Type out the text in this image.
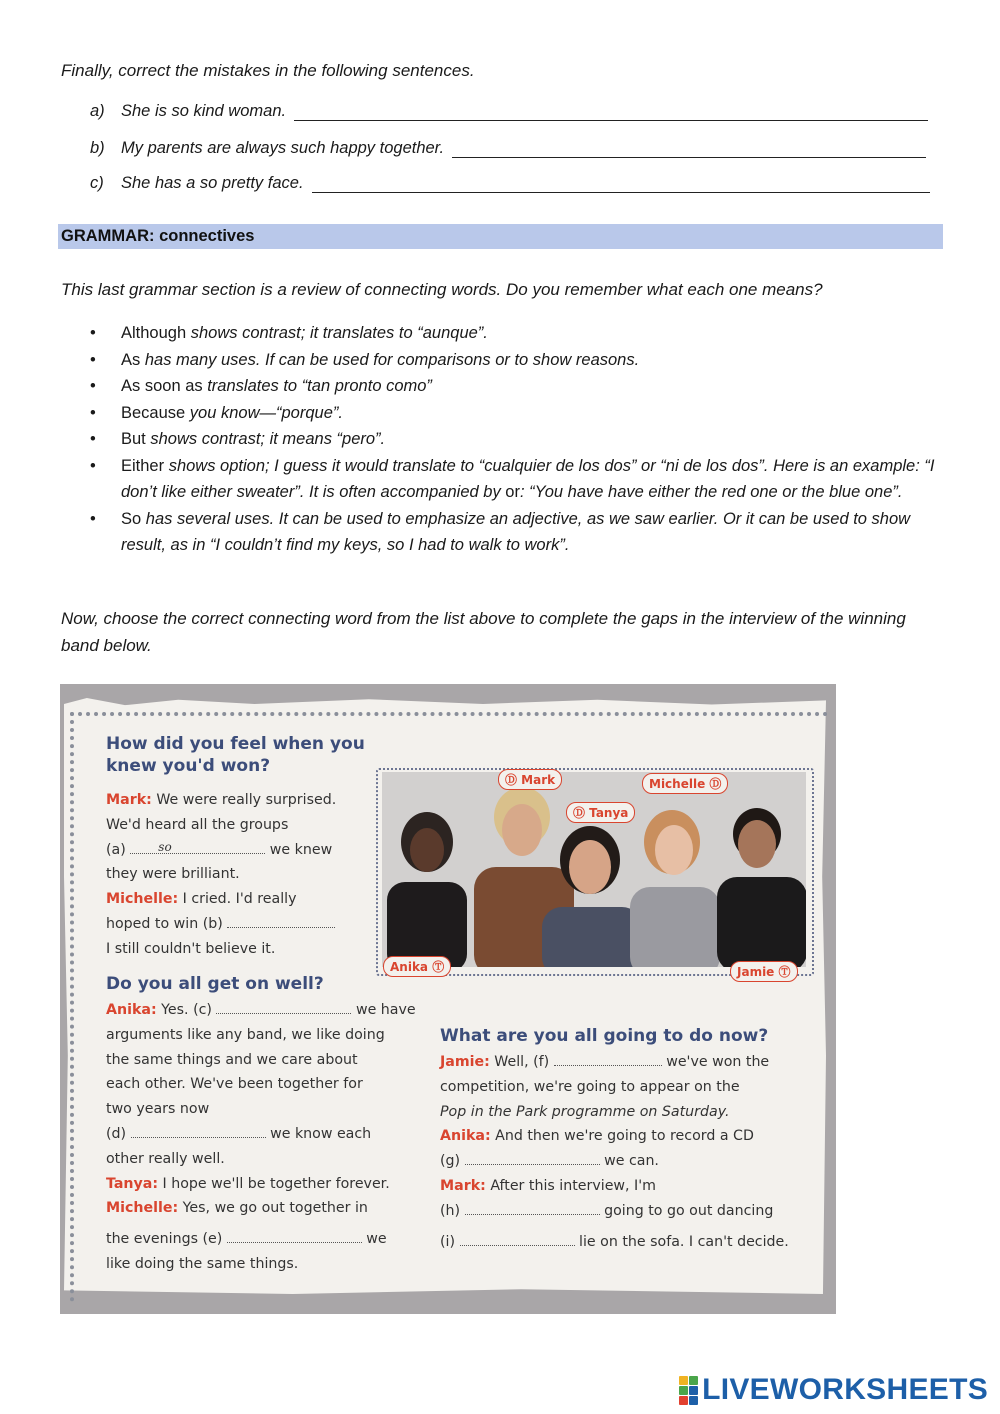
Finally, correct the mistakes in the following sentences.
a) She is so kind woman.
b) My parents are always such happy together.
c)	She has a so pretty face.
GRAMMAR: connectives
This last grammar section is a review of connecting words. Do you remember what each one means?
• Although shows contrast; it translates to “aunque”.
• As has many uses. If can be used for comparisons or to show reasons.
• As soon as translates to “tan pronto como”
• Because you know—“porque”.
• But shows contrast; it means “pero”.
• Either shows option; I guess it would translate to “cualquier de los dos” or “ni de los dos”. Here is an example: “I don’t like either sweater”. It is often accompanied by or: “You have have either the red one or the blue one”.
• So has several uses. It can be used to emphasize an adjective, as we saw earlier. Or it can be used to show result, as in “I couldn’t find my keys, so I had to walk to work”.
Now, choose the correct connecting word from the list above to complete the gaps in the interview of the winning band below.
How did you feel when you
knew you'd won?
Mark: We were really surprised.
We'd heard all the groups
(a) so	we knew
they were brilliant.
Michelle: I cried. I'd really
hoped to win (b)
I still couldn't believe it.
Do you all get on well?
Anika: Yes. (c)	we have
arguments like any band, we like doing
the same things and we care about
each other. We've been together for
two years now
(d)	we know each
other really well.
Tanya: I hope we'll be together forever.
Michelle: Yes, we go out together in
the evenings (e)	we
like doing the same things.
What are you all going to do now?
Jamie: Well, (f)	we've won the
competition, we're going to appear on the
Pop in the Park programme on Saturday.
Anika: And then we're going to record a CD
(g)	we can.
Mark: After this interview, I'm
(h)	going to go out dancing
(i)	lie on the sofa. I can't decide.
Ⓓ Mark	Michelle Ⓓ
Ⓓ Tanya
Anika Ⓣ	Jamie Ⓣ
LIVEWORKSHEETS
